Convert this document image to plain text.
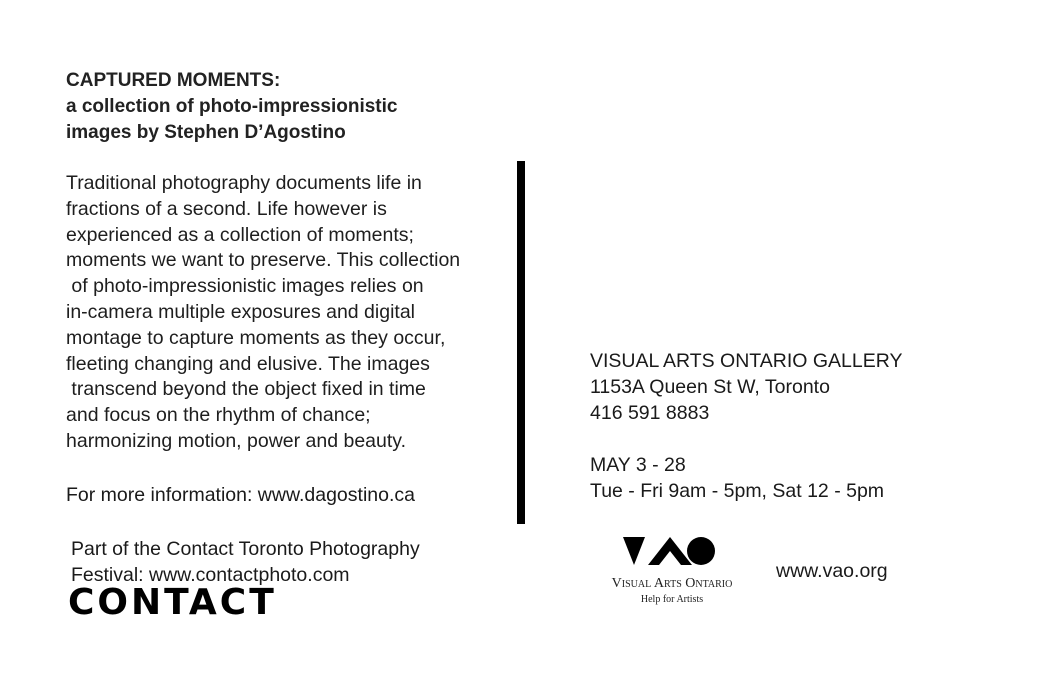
CAPTURED MOMENTS:
a collection of photo-impressionistic
images by Stephen D’Agostino
Traditional photography documents life in
fractions of a second. Life however is
experienced as a collection of moments;
moments we want to preserve. This collection
of photo-impressionistic images relies on
in-camera multiple exposures and digital
montage to capture moments as they occur,
fleeting changing and elusive. The images
transcend beyond the object fixed in time
and focus on the rhythm of chance;
harmonizing motion, power and beauty.
For more information: www.dagostino.ca
Part of the Contact Toronto Photography
Festival: www.contactphoto.com
CONTACT
VISUAL ARTS ONTARIO GALLERY
1153A Queen St W, Toronto
416 591 8883
MAY 3 - 28
Tue - Fri 9am - 5pm, Sat 12 - 5pm
Visual Arts Ontario
Help for Artists
www.vao.org
